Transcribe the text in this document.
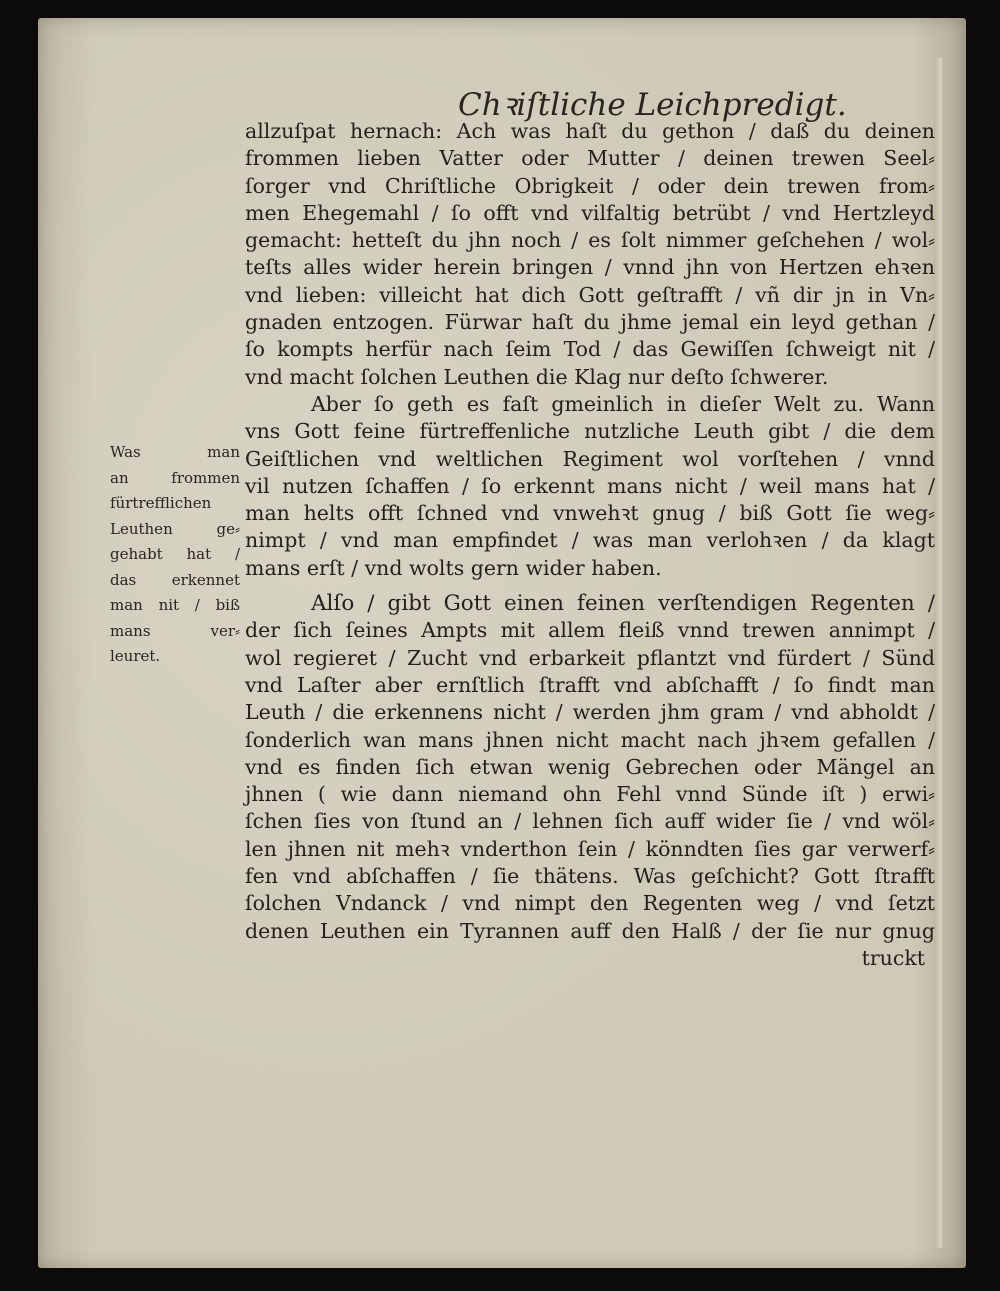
Chꝛiſtliche Leichpredigt.
allzuſpat hernach: Ach was haſt du gethon / daß du deinen
frommen lieben Vatter oder Mutter / deinen trewen Seel⸗
ſorger vnd Chriſtliche Obrigkeit / oder dein trewen from⸗
men Ehegemahl / ſo offt vnd vilfaltig betrübt / vnd Hertzleyd
gemacht: hetteſt du jhn noch / es ſolt nimmer geſchehen / wol⸗
teſts alles wider herein bringen / vnnd jhn von Hertzen ehꝛen
vnd lieben: villeicht hat dich Gott geſtrafft / vñ dir jn in Vn⸗
gnaden entzogen. Fürwar haſt du jhme jemal ein leyd gethan /
ſo kompts herfür nach ſeim Tod / das Gewiſſen ſchweigt nit /
vnd macht ſolchen Leuthen die Klag nur deſto ſchwerer.
Aber ſo geth es faſt gmeinlich in dieſer Welt zu. Wann
vns Gott feine fürtreffenliche nutzliche Leuth gibt / die dem
Geiſtlichen vnd weltlichen Regiment wol vorſtehen / vnnd
vil nutzen ſchaffen / ſo erkennt mans nicht / weil mans hat /
man helts offt ſchned vnd vnwehꝛt gnug / biß Gott ſie weg⸗
nimpt / vnd man empfindet / was man verlohꝛen / da klagt
mans erſt / vnd wolts gern wider haben.
Alſo / gibt Gott einen feinen verſtendigen Regenten /
der ſich ſeines Ampts mit allem fleiß vnnd trewen annimpt /
wol regieret / Zucht vnd erbarkeit pflantzt vnd fürdert / Sünd
vnd Laſter aber ernſtlich ſtrafft vnd abſchafft / ſo findt man
Leuth / die erkennens nicht / werden jhm gram / vnd abholdt /
ſonderlich wan mans jhnen nicht macht nach jhꝛem gefallen /
vnd es finden ſich etwan wenig Gebrechen oder Mängel an
jhnen ( wie dann niemand ohn Fehl vnnd Sünde iſt ) erwi⸗
ſchen ſies von ſtund an / lehnen ſich auff wider ſie / vnd wöl⸗
len jhnen nit mehꝛ vnderthon ſein / könndten ſies gar verwerf⸗
fen vnd abſchaffen / ſie thätens. Was geſchicht? Gott ſtrafft
ſolchen Vndanck / vnd nimpt den Regenten weg / vnd ſetzt
denen Leuthen ein Tyrannen auff den Halß / der ſie nur gnug
truckt
Was man
an frommen
fürtrefflichen
Leuthen ge⸗
gehabt hat /
das erkennet
man nit / biß
mans ver⸗
leuret.
